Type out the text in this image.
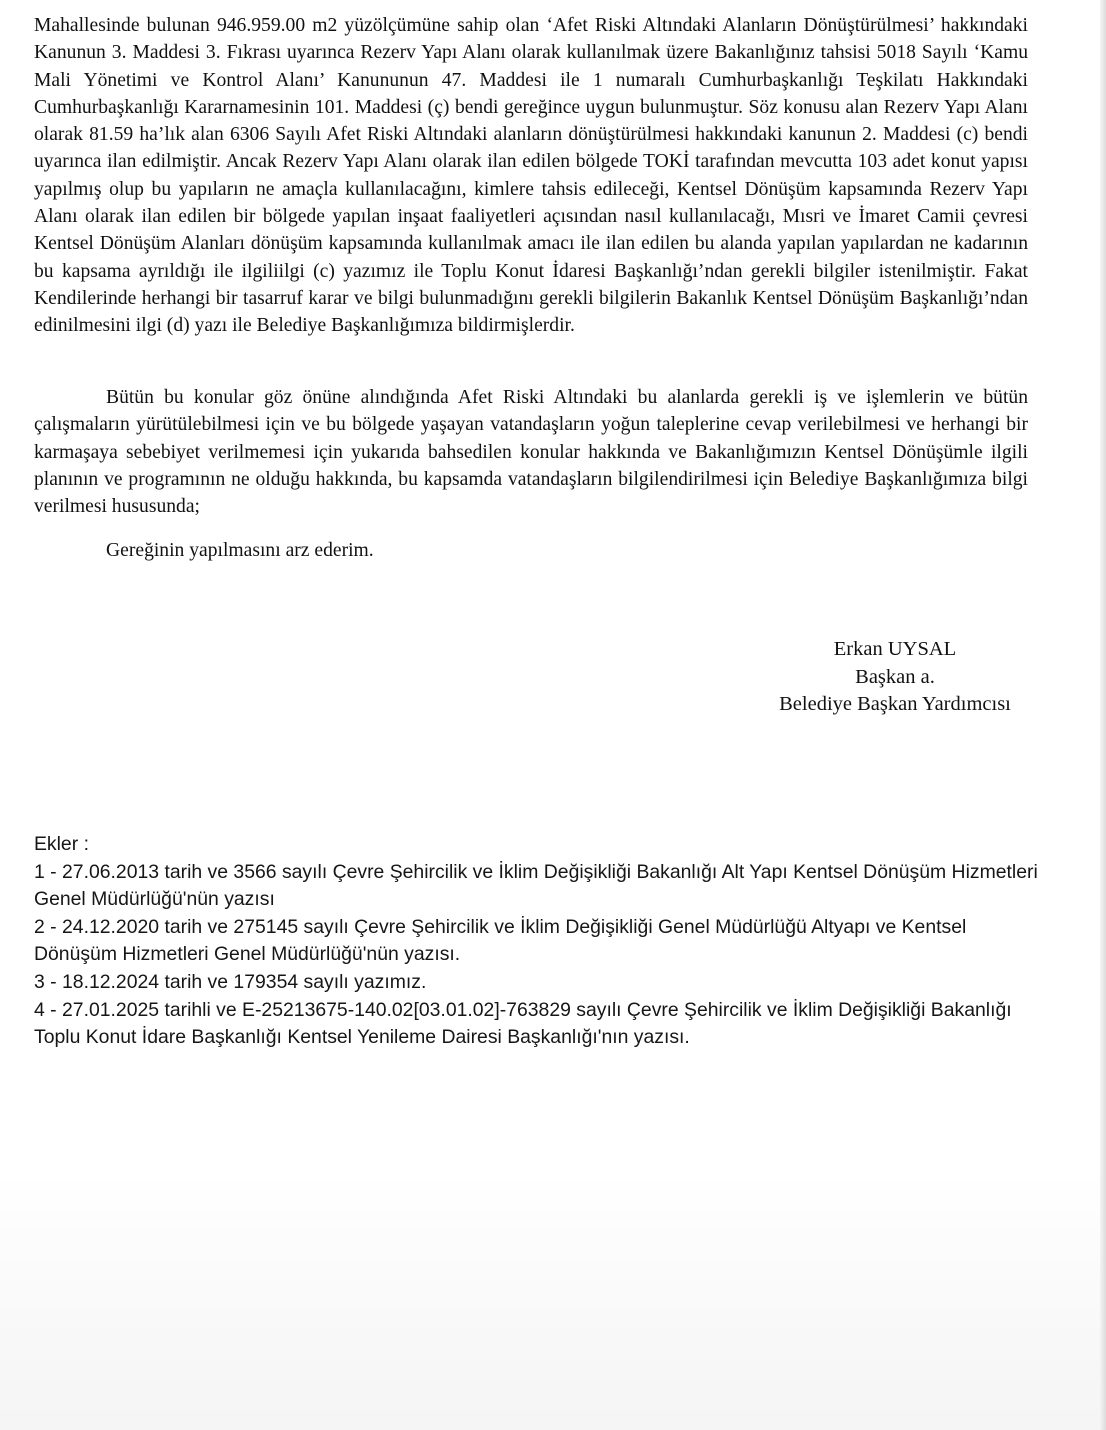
Mahallesinde bulunan 946.959.00 m2 yüzölçümüne sahip olan ‘Afet Riski Altındaki Alanların Dönüştürülmesi’ hakkındaki Kanunun 3. Maddesi 3. Fıkrası uyarınca Rezerv Yapı Alanı olarak kullanılmak üzere Bakanlığınız tahsisi 5018 Sayılı ‘Kamu Mali Yönetimi ve Kontrol Alanı’ Kanununun 47. Maddesi ile 1 numaralı Cumhurbaşkanlığı Teşkilatı Hakkındaki Cumhurbaşkanlığı Kararnamesinin 101. Maddesi (ç) bendi gereğince uygun bulunmuştur. Söz konusu alan Rezerv Yapı Alanı olarak 81.59 ha’lık alan 6306 Sayılı Afet Riski Altındaki alanların dönüştürülmesi hakkındaki kanunun 2. Maddesi (c) bendi uyarınca ilan edilmiştir. Ancak Rezerv Yapı Alanı olarak ilan edilen bölgede TOKİ tarafından mevcutta 103 adet konut yapısı yapılmış olup bu yapıların ne amaçla kullanılacağını, kimlere tahsis edileceği, Kentsel Dönüşüm kapsamında Rezerv Yapı Alanı olarak ilan edilen bir bölgede yapılan inşaat faaliyetleri açısından nasıl kullanılacağı, Mısri ve İmaret Camii çevresi Kentsel Dönüşüm Alanları dönüşüm kapsamında kullanılmak amacı ile ilan edilen bu alanda yapılan yapılardan ne kadarının bu kapsama ayrıldığı ile ilgiliilgi (c) yazımız ile Toplu Konut İdaresi Başkanlığı’ndan gerekli bilgiler istenilmiştir. Fakat Kendilerinde herhangi bir tasarruf karar ve bilgi bulunmadığını gerekli bilgilerin Bakanlık Kentsel Dönüşüm Başkanlığı’ndan edinilmesini ilgi (d) yazı ile Belediye Başkanlığımıza bildirmişlerdir.

Bütün bu konular göz önüne alındığında Afet Riski Altındaki bu alanlarda gerekli iş ve işlemlerin ve bütün çalışmaların yürütülebilmesi için ve bu bölgede yaşayan vatandaşların yoğun taleplerine cevap verilebilmesi ve herhangi bir karmaşaya sebebiyet verilmemesi için yukarıda bahsedilen konular hakkında ve Bakanlığımızın Kentsel Dönüşümle ilgili planının ve programının ne olduğu hakkında, bu kapsamda vatandaşların bilgilendirilmesi için Belediye Başkanlığımıza bilgi verilmesi hususunda;

Gereğinin yapılmasını arz ederim.

Erkan UYSAL
Başkan a.
Belediye Başkan Yardımcısı
Ekler :
1 - 27.06.2013 tarih ve 3566 sayılı Çevre Şehircilik ve İklim Değişikliği Bakanlığı Alt Yapı Kentsel Dönüşüm Hizmetleri Genel Müdürlüğü'nün yazısı
2 - 24.12.2020 tarih ve 275145 sayılı Çevre Şehircilik ve İklim Değişikliği Genel Müdürlüğü Altyapı ve Kentsel Dönüşüm Hizmetleri Genel Müdürlüğü'nün yazısı.
3 - 18.12.2024 tarih ve 179354 sayılı yazımız.
4 - 27.01.2025 tarihli ve E-25213675-140.02[03.01.02]-763829 sayılı Çevre Şehircilik ve İklim Değişikliği Bakanlığı Toplu Konut İdare Başkanlığı Kentsel Yenileme Dairesi Başkanlığı'nın yazısı.
